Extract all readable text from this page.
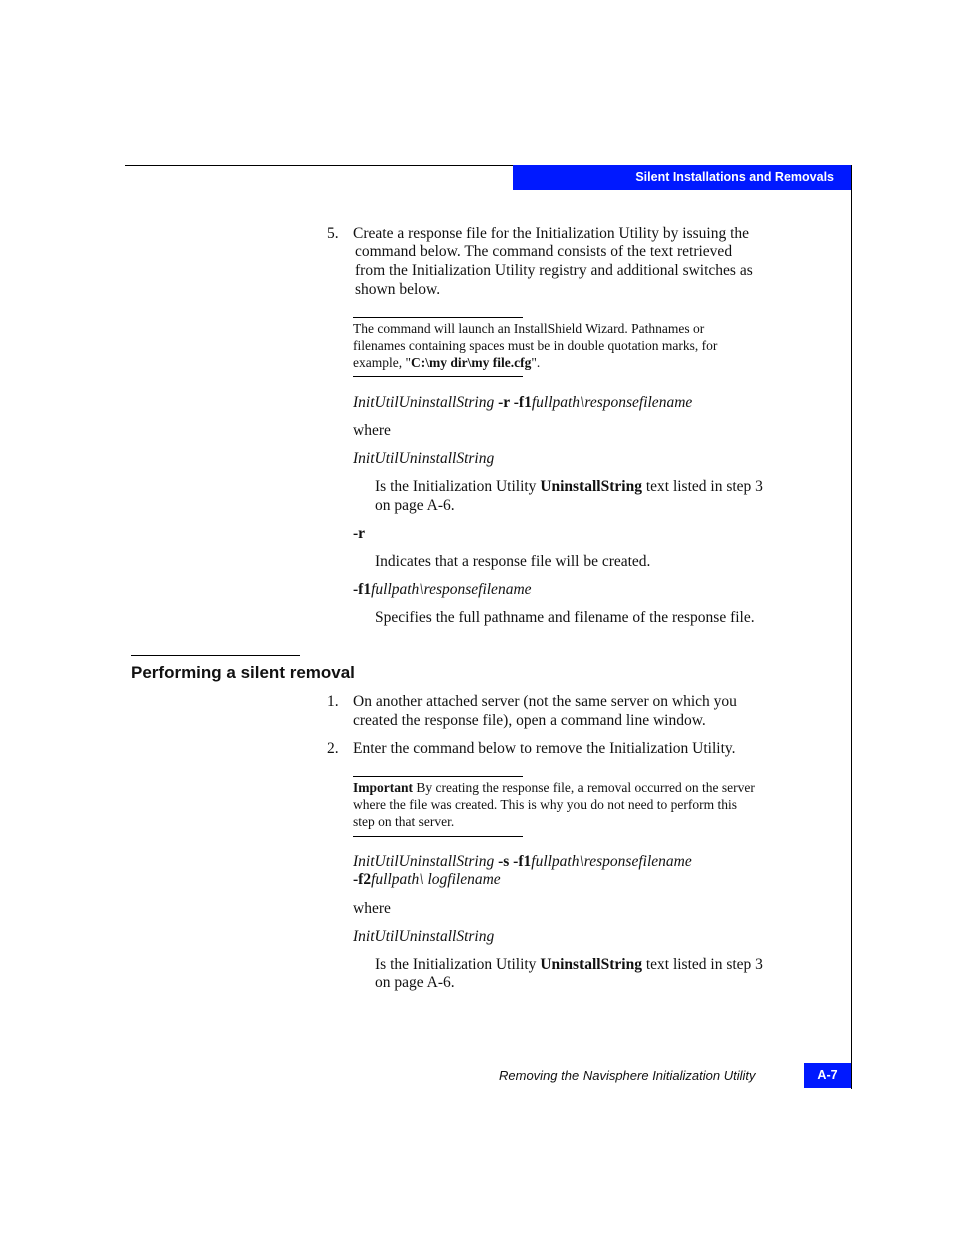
Silent Installations and Removals
5. Create a response file for the Initialization Utility by issuing the
command below. The command consists of the text retrieved
from the Initialization Utility registry and additional switches as
shown below.
The command will launch an InstallShield Wizard. Pathnames or
filenames containing spaces must be in double quotation marks, for
example, "C:\my dir\my file.cfg".
InitUtilUninstallString -r -f1fullpath\responsefilename
where
InitUtilUninstallString
Is the Initialization Utility UninstallString text listed in step 3
on page A-6.
-r
Indicates that a response file will be created.
-f1fullpath\responsefilename
Specifies the full pathname and filename of the response file.
Performing a silent removal
1. On another attached server (not the same server on which you
created the response file), open a command line window.
2. Enter the command below to remove the Initialization Utility.
Important By creating the response file, a removal occurred on the server
where the file was created. This is why you do not need to perform this
step on that server.
InitUtilUninstallString -s -f1fullpath\responsefilename
-f2fullpath\ logfilename
where
InitUtilUninstallString
Is the Initialization Utility UninstallString text listed in step 3
on page A-6.
Removing the Navisphere Initialization Utility	A-7
